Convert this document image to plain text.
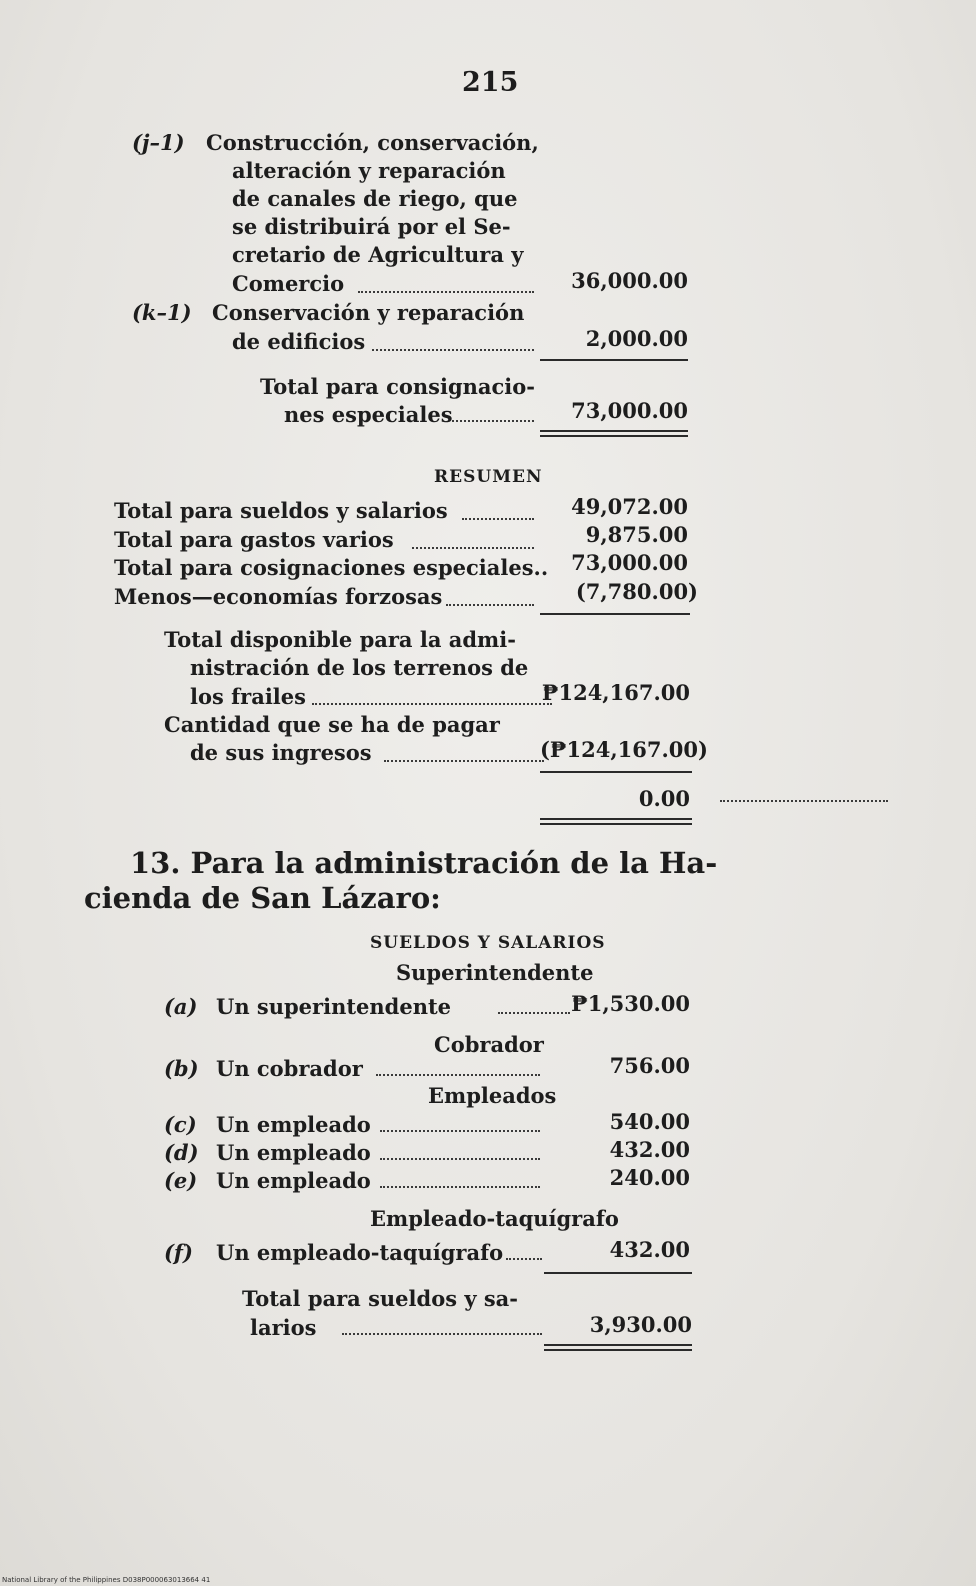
215
(j–1) Construcción, conservación,
alteración y reparación
de canales de riego, que
se distribuirá por el Se-
cretario de Agricultura y
Comercio	36,000.00
(k–1) Conservación y reparación
de edificios	2,000.00
Total para consignacio-
nes especiales	73,000.00
RESUMEN
Total para sueldos y salarios	49,072.00
Total para gastos varios	9,875.00
Total para cosignaciones especiales..	73,000.00
Menos—economías forzosas	(7,780.00)
Total disponible para la admi-
nistración de los terrenos de
los frailes	₱124,167.00
Cantidad que se ha de pagar
de sus ingresos	(₱124,167.00)
0.00
13. Para la administración de la Ha-
cienda de San Lázaro:
SUELDOS Y SALARIOS
Superintendente
(a) Un superintendente	₱1,530.00
Cobrador
(b) Un cobrador	756.00
Empleados
(c) Un empleado	540.00
(d) Un empleado	432.00
(e) Un empleado	240.00
Empleado-taquígrafo
(f) Un empleado-taquígrafo	432.00
Total para sueldos y sa-
larios	3,930.00
National Library of the Philippines D038P000063013664 41
